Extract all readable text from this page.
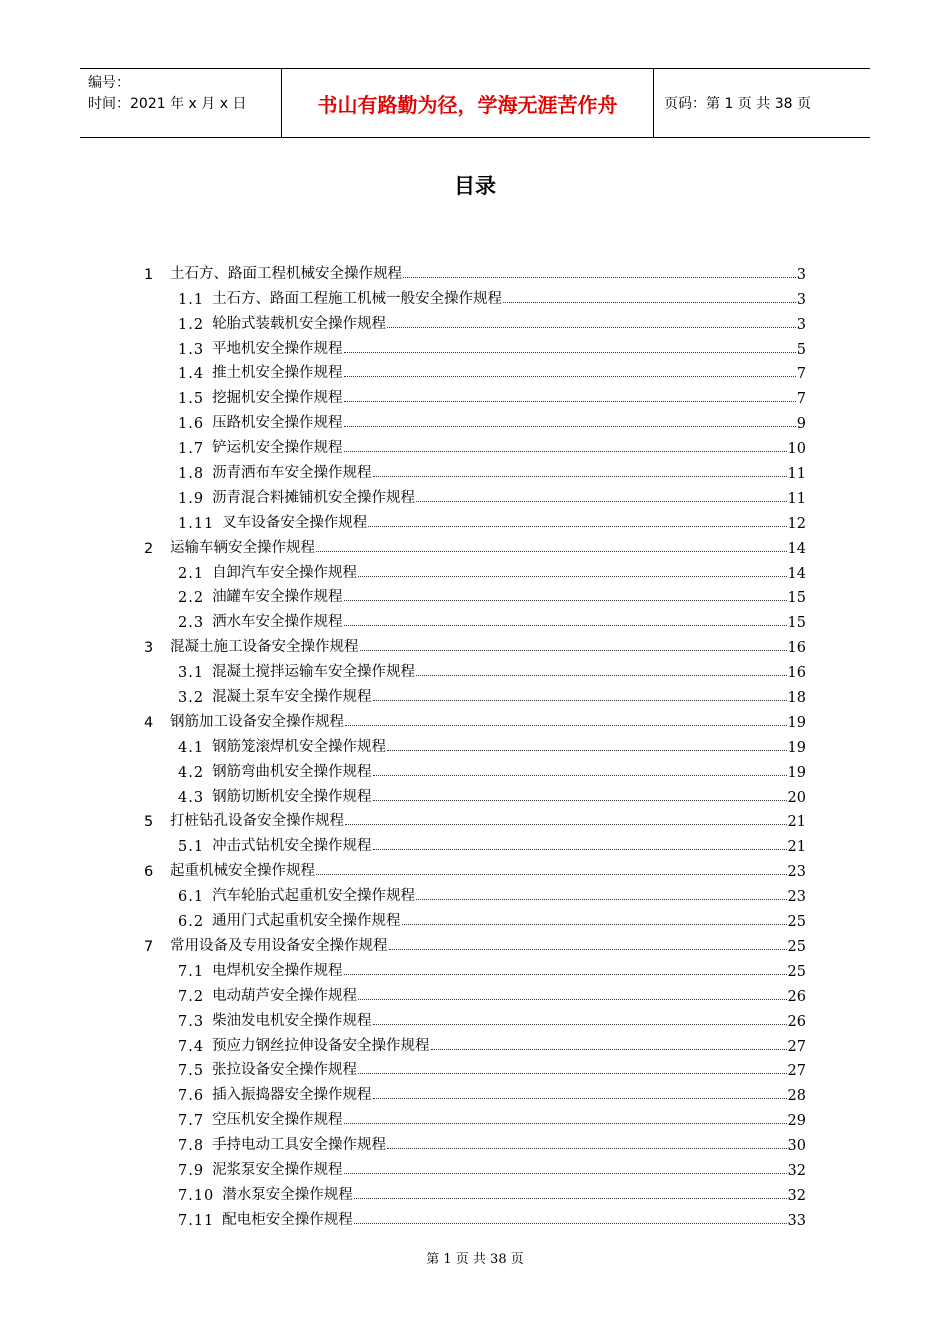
编号：
时间：2021 年 x 月 x 日	书山有路勤为径，学海无涯苦作舟	页码：第 1 页 共 38 页
目录
1	土石方、路面工程机械安全操作规程	3
1.1 土石方、路面工程施工机械一般安全操作规程	3
1.2 轮胎式装载机安全操作规程	3
1.3 平地机安全操作规程	5
1.4 推土机安全操作规程	7
1.5 挖掘机安全操作规程	7
1.6 压路机安全操作规程	9
1.7 铲运机安全操作规程	10
1.8 沥青洒布车安全操作规程	11
1.9 沥青混合料摊铺机安全操作规程	11
1.11 叉车设备安全操作规程	12
2	运输车辆安全操作规程	14
2.1 自卸汽车安全操作规程	14
2.2 油罐车安全操作规程	15
2.3 洒水车安全操作规程	15
3	混凝土施工设备安全操作规程	16
3.1 混凝土搅拌运输车安全操作规程	16
3.2 混凝土泵车安全操作规程	18
4	钢筋加工设备安全操作规程	19
4.1 钢筋笼滚焊机安全操作规程	19
4.2 钢筋弯曲机安全操作规程	19
4.3 钢筋切断机安全操作规程	20
5	打桩钻孔设备安全操作规程	21
5.1 冲击式钻机安全操作规程	21
6	起重机械安全操作规程	23
6.1 汽车轮胎式起重机安全操作规程	23
6.2 通用门式起重机安全操作规程	25
7	常用设备及专用设备安全操作规程	25
7.1 电焊机安全操作规程	25
7.2 电动葫芦安全操作规程	26
7.3 柴油发电机安全操作规程	26
7.4 预应力钢丝拉伸设备安全操作规程	27
7.5 张拉设备安全操作规程	27
7.6 插入振捣器安全操作规程	28
7.7 空压机安全操作规程	29
7.8 手持电动工具安全操作规程	30
7.9 泥浆泵安全操作规程	32
7.10 潜水泵安全操作规程	32
7.11 配电柜安全操作规程	33
第 1 页 共 38 页
